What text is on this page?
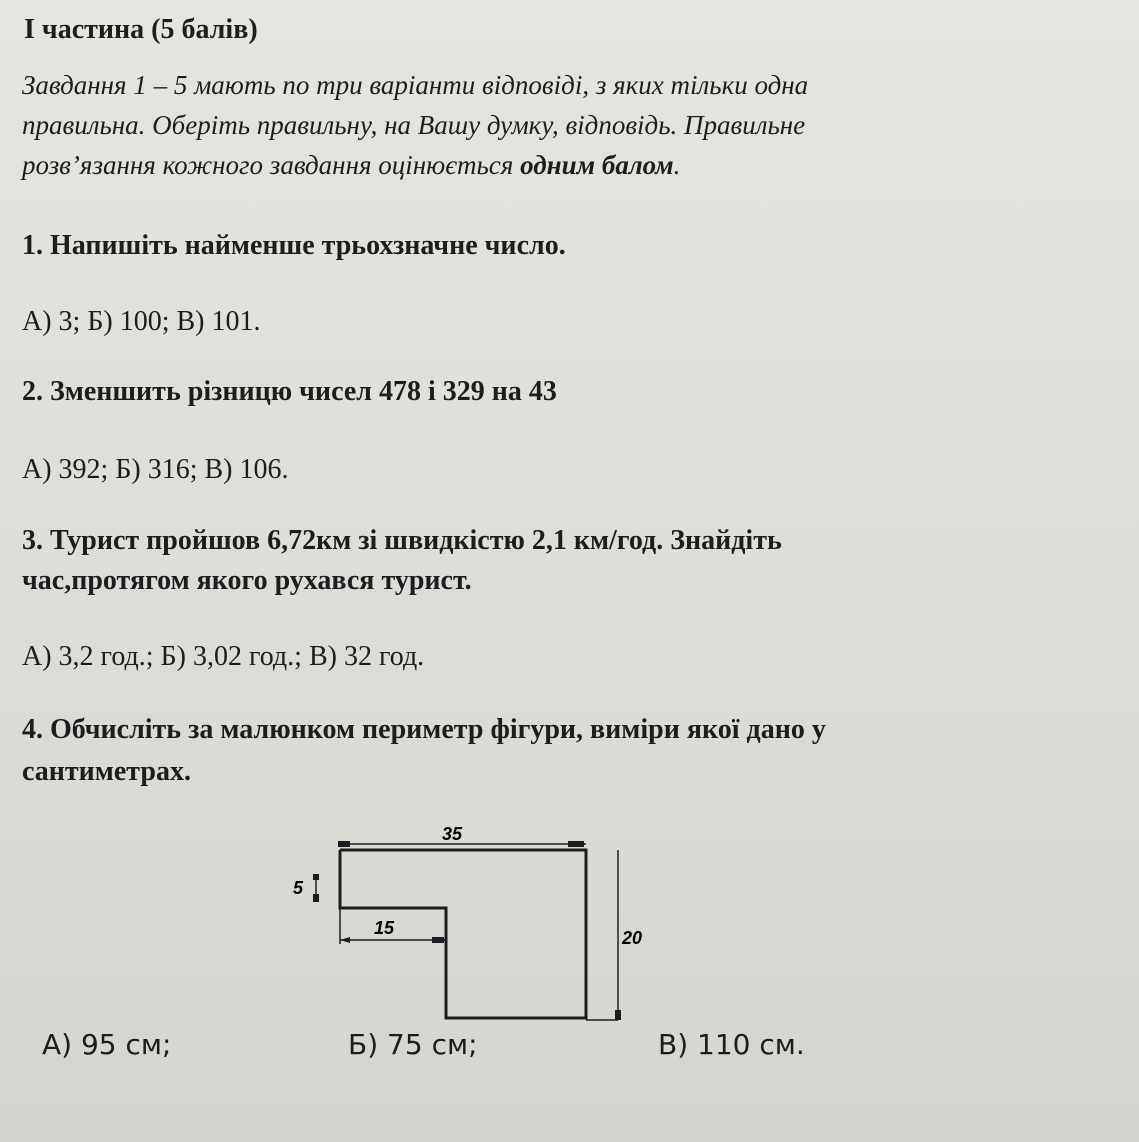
І частина (5 балів)
Завдання 1 – 5 мають по три варіанти відповіді, з яких тільки одна
правильна. Оберіть правильну, на Вашу думку, відповідь. Правильне
розв’язання кожного завдання оцінюється одним балом.
1. Напишіть найменше трьохзначне число.
А) 3; Б) 100; В) 101.
2. Зменшить різницю чисел 478 і 329 на 43
А) 392; Б) 316; В) 106.
3. Турист пройшов 6,72км зі швидкістю 2,1 км/год. Знайдіть
час,протягом якого рухався турист.
А) 3,2 год.; Б) 3,02 год.; В) 32 год.
4. Обчисліть за малюнком периметр фігури, виміри якої дано у
сантиметрах.
35
5
15	20
А) 95 см;	Б) 75 см;	В) 110 см.
